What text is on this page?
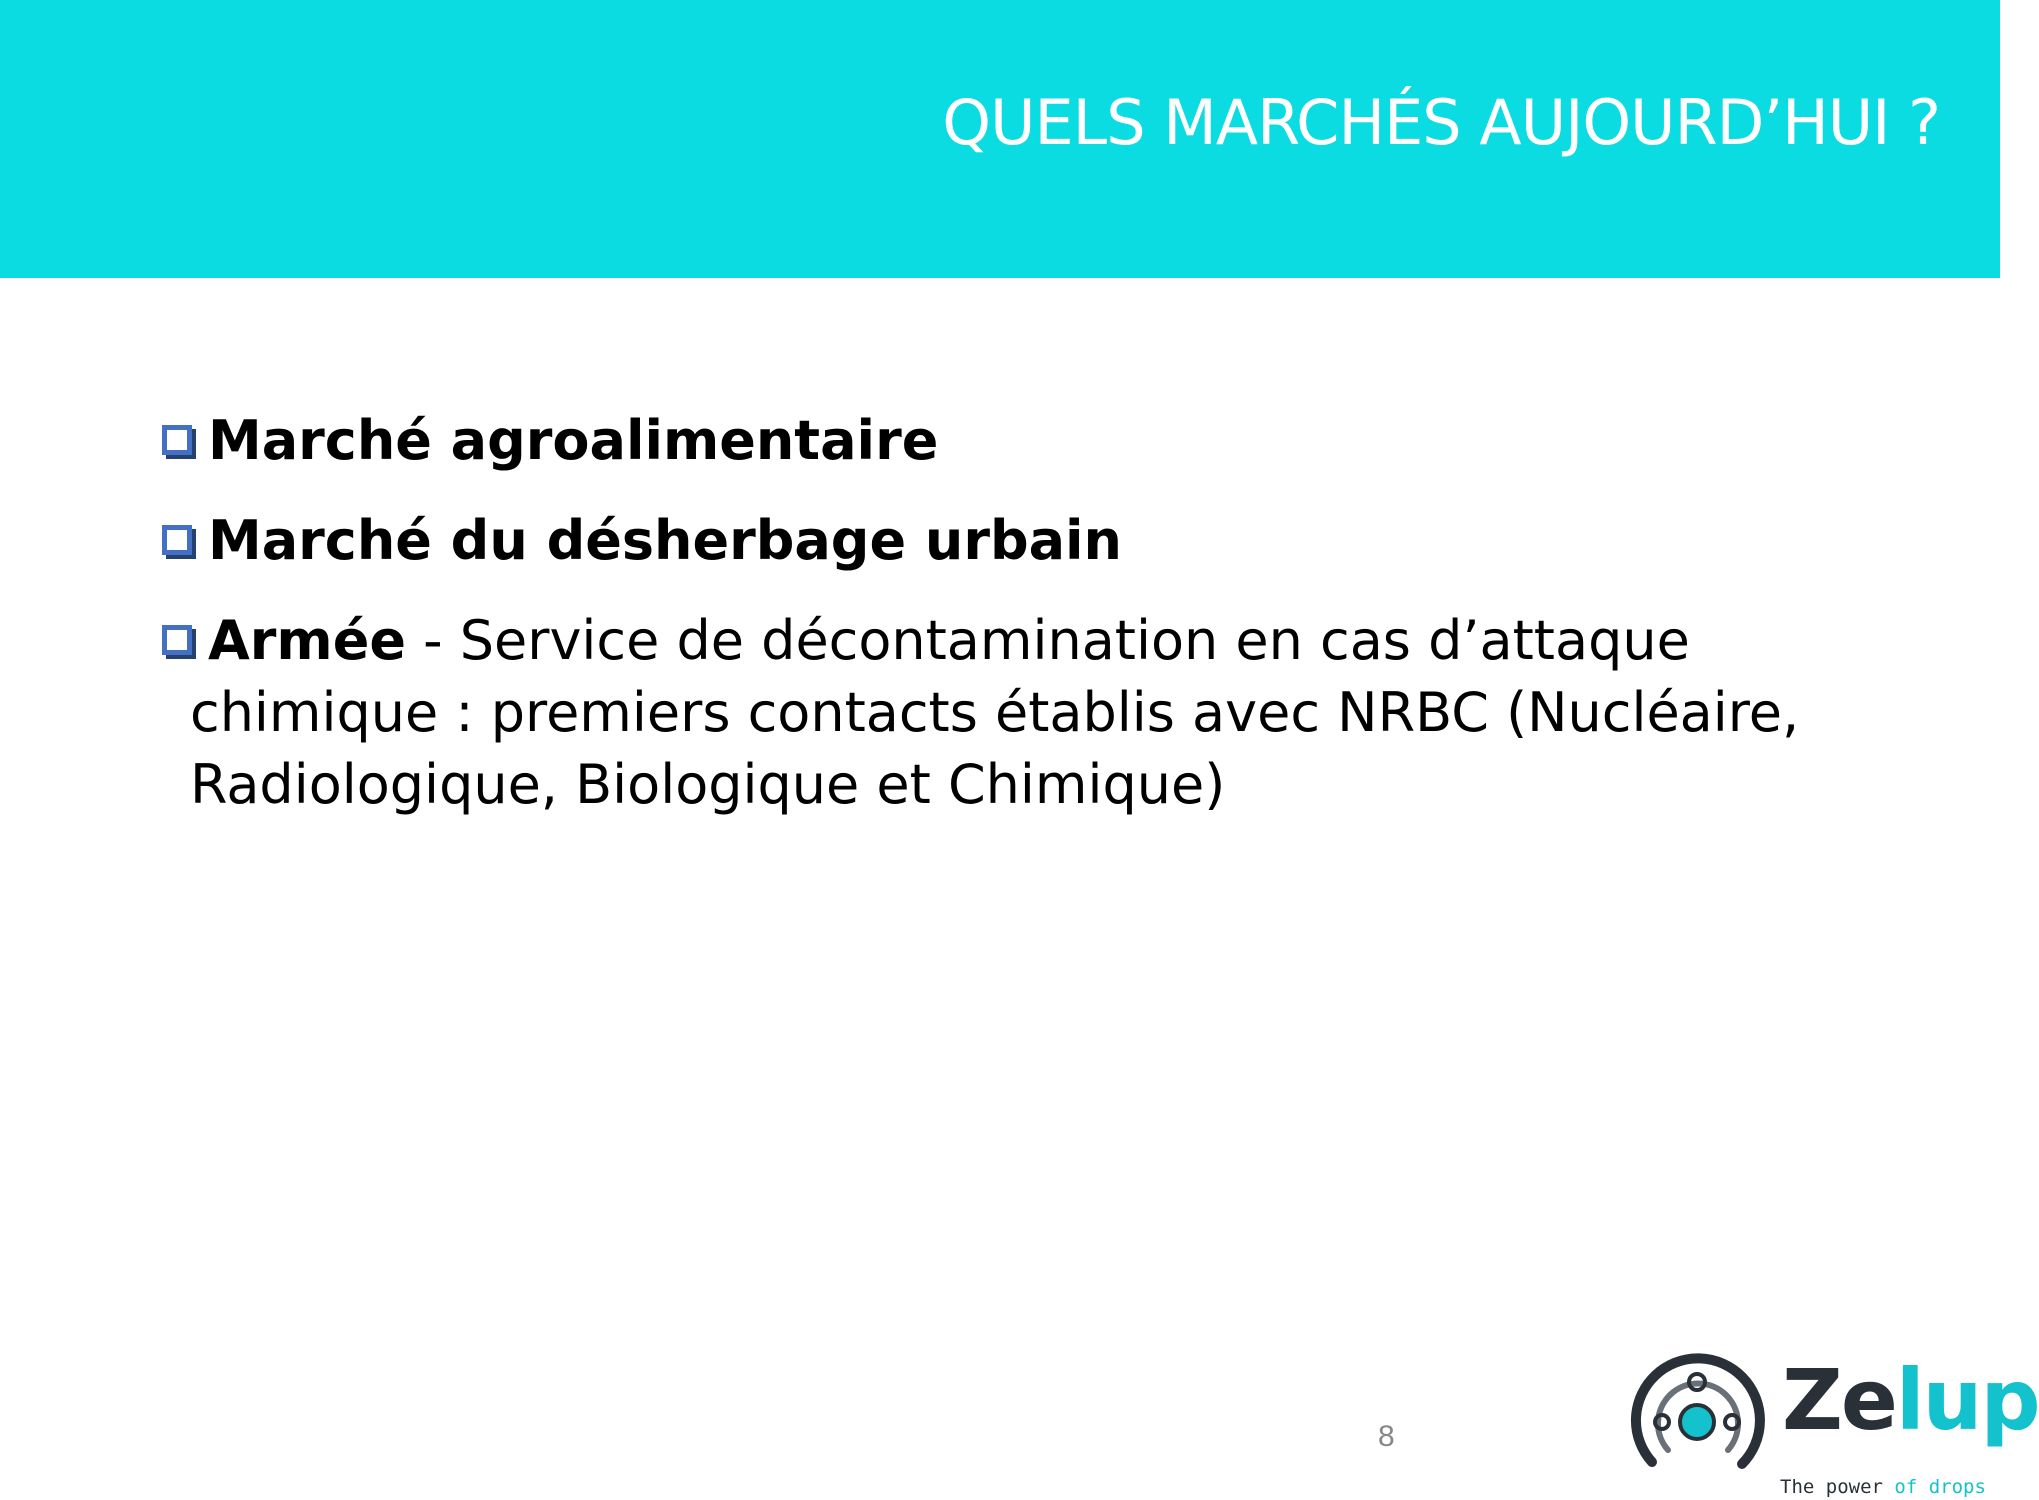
QUELS MARCHÉS AUJOURD’HUI ?
Marché agroalimentaire
Marché du désherbage urbain
Armée - Service de décontamination en cas d’attaque
chimique : premiers contacts établis avec NRBC (Nucléaire,
Radiologique, Biologique et Chimique)
8	Zelup
The power of drops
